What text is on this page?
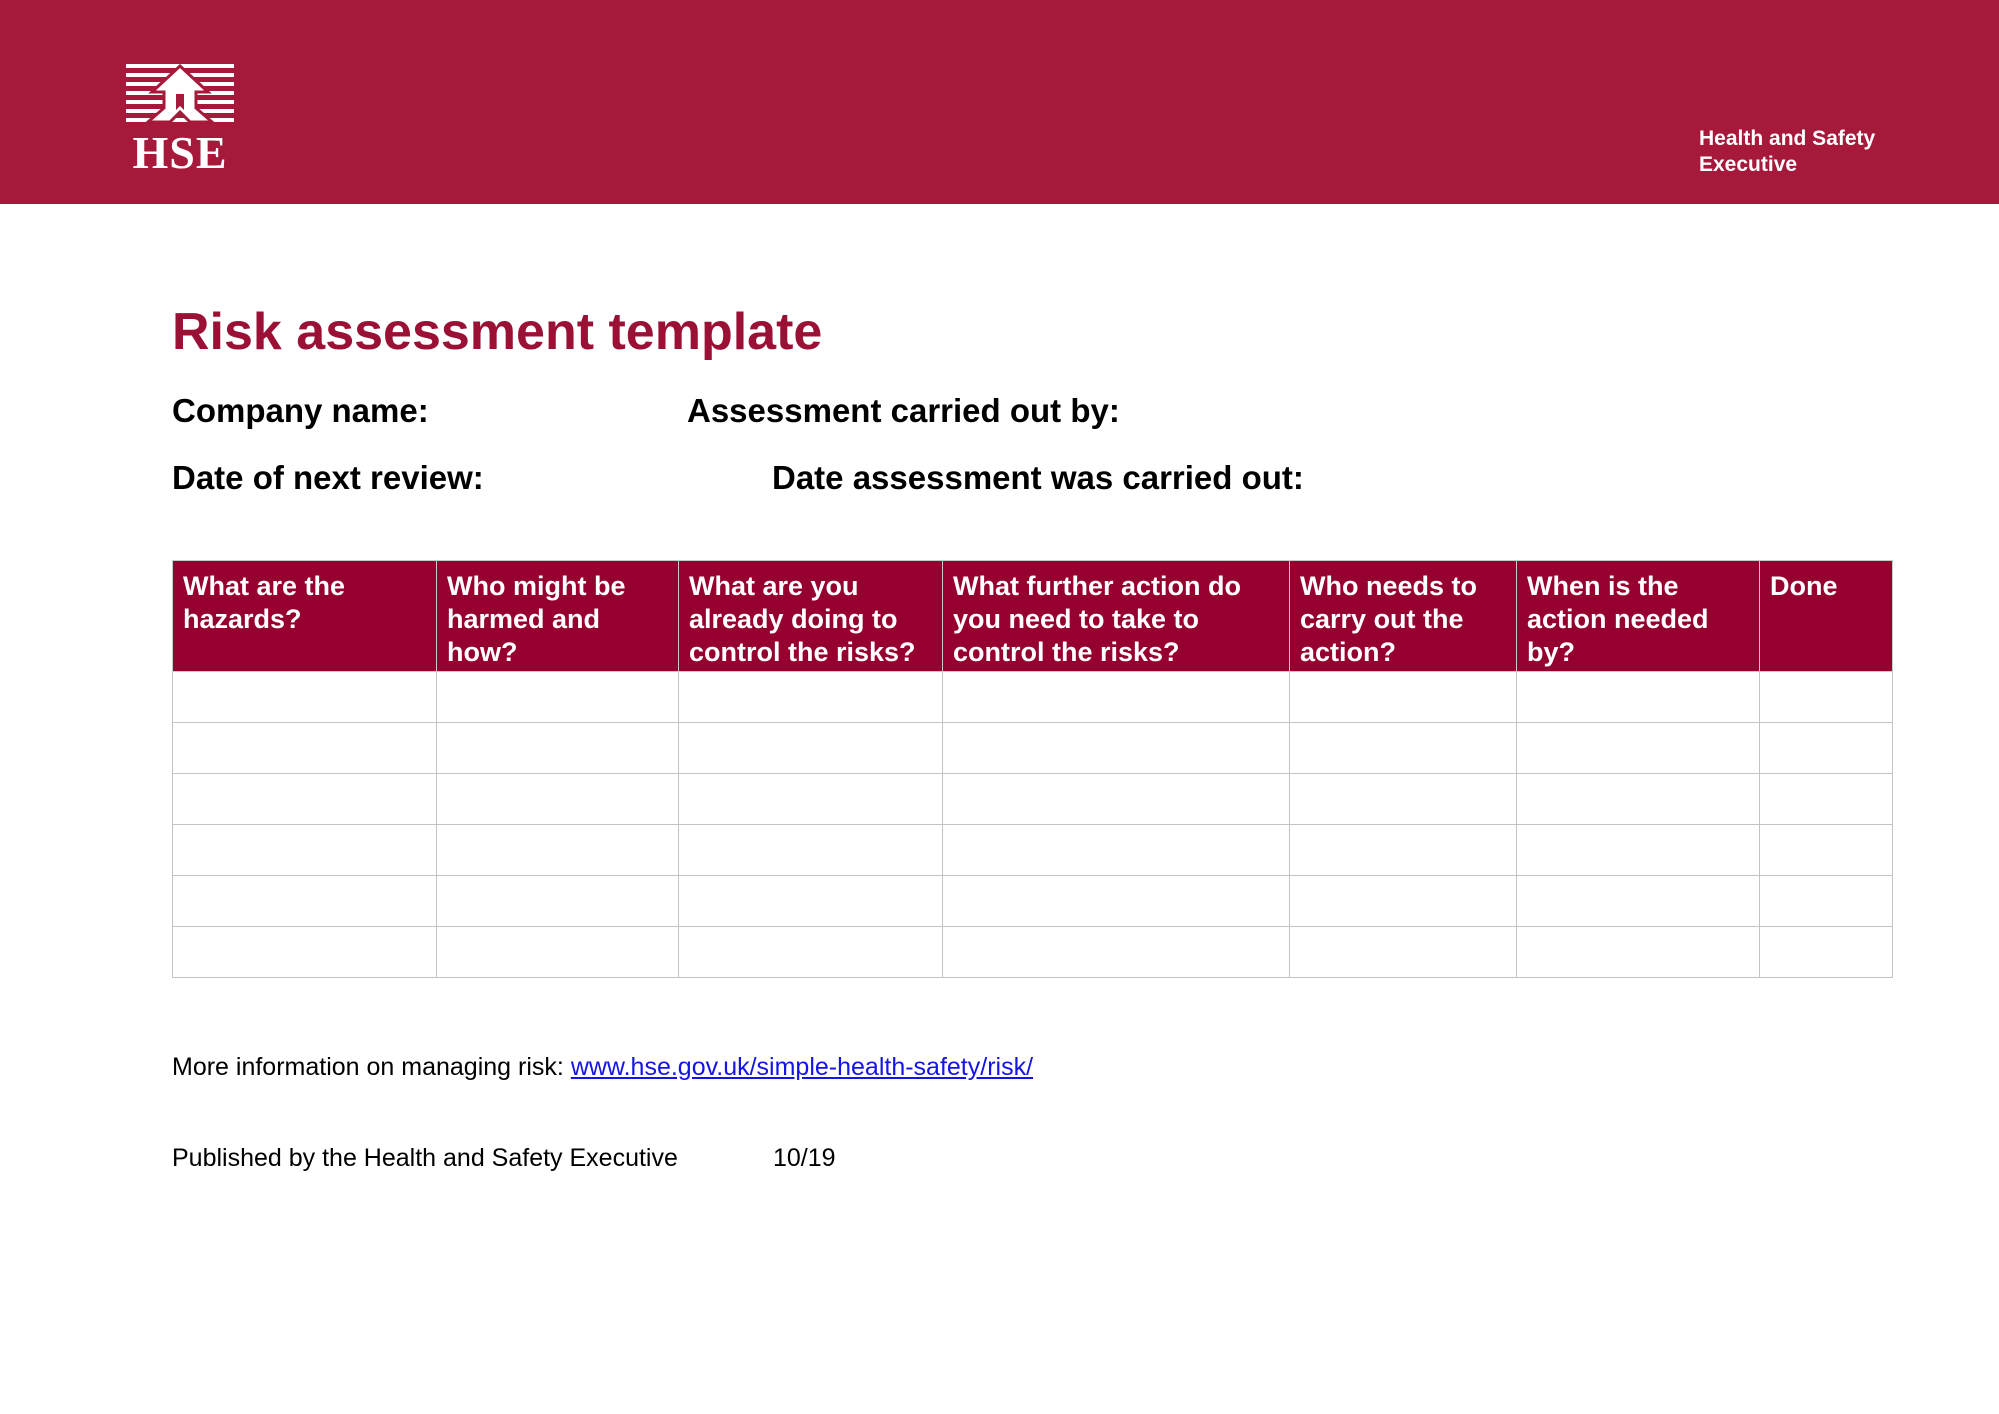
HSE	Health and Safety
Executive
Risk assessment template
Company name:	Assessment carried out by:
Date of next review:	Date assessment was carried out:
What are the hazards?	Who might be harmed and how?	What are you already doing to control the risks?	What further action do you need to take to control the risks?	Who needs to carry out the action?	When is the action needed by?	Done

More information on managing risk: www.hse.gov.uk/simple-health-safety/risk/
Published by the Health and Safety Executive	10/19
